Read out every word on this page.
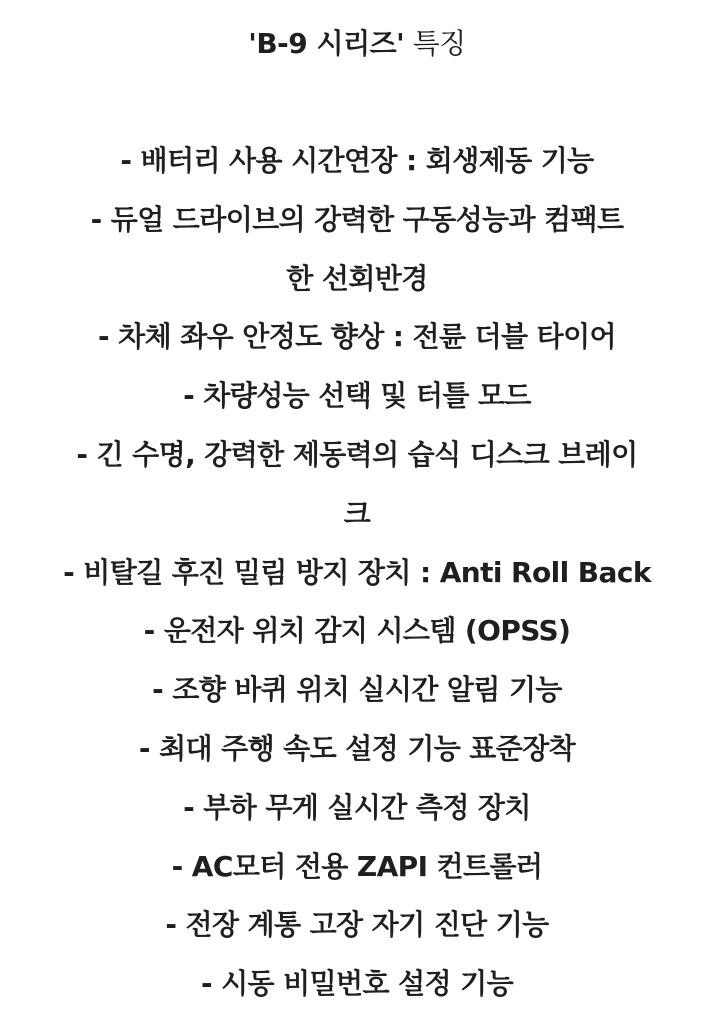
'B-9 시리즈' 특징
- 배터리 사용 시간연장 : 회생제동 기능
- 듀얼 드라이브의 강력한 구동성능과 컴팩트
한 선회반경
- 차체 좌우 안정도 향상 : 전륜 더블 타이어
- 차량성능 선택 및 터틀 모드
- 긴 수명, 강력한 제동력의 습식 디스크 브레이
크
- 비탈길 후진 밀림 방지 장치 : Anti Roll Back
- 운전자 위치 감지 시스템 (OPSS)
- 조향 바퀴 위치 실시간 알림 기능
- 최대 주행 속도 설정 기능 표준장착
- 부하 무게 실시간 측정 장치
- AC모터 전용 ZAPI 컨트롤러
- 전장 계통 고장 자기 진단 기능
- 시동 비밀번호 설정 기능
